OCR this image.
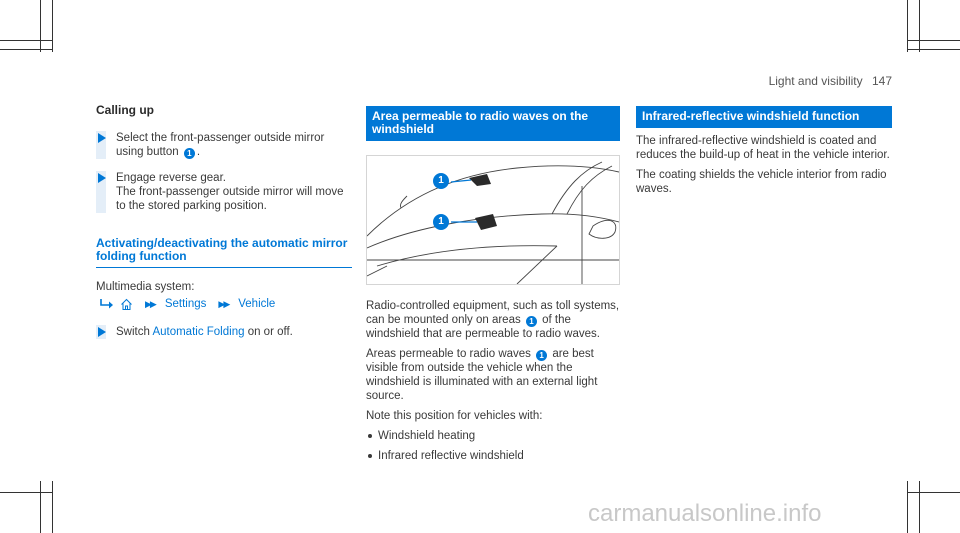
Light and visibility 147
Calling up
Select the front-passenger outside mirror using button 1 .
Engage reverse gear.
The front-passenger outside mirror will move to the stored parking position.
Activating/deactivating the automatic mirror folding function
Multimedia system:
▶▶ Settings ▶▶ Vehicle
Switch Automatic Folding on or off.
Area permeable to radio waves on the windshield
1
1
Radio-controlled equipment, such as toll systems, can be mounted only on areas 1 of the windshield that are permeable to radio waves.
Areas permeable to radio waves 1 are best visible from outside the vehicle when the windshield is illuminated with an external light source.
Note this position for vehicles with:
Windshield heating
Infrared reflective windshield
Infrared-reflective windshield function
The infrared-reflective windshield is coated and reduces the build-up of heat in the vehicle interior.
The coating shields the vehicle interior from radio waves.
carmanualsonline.info
